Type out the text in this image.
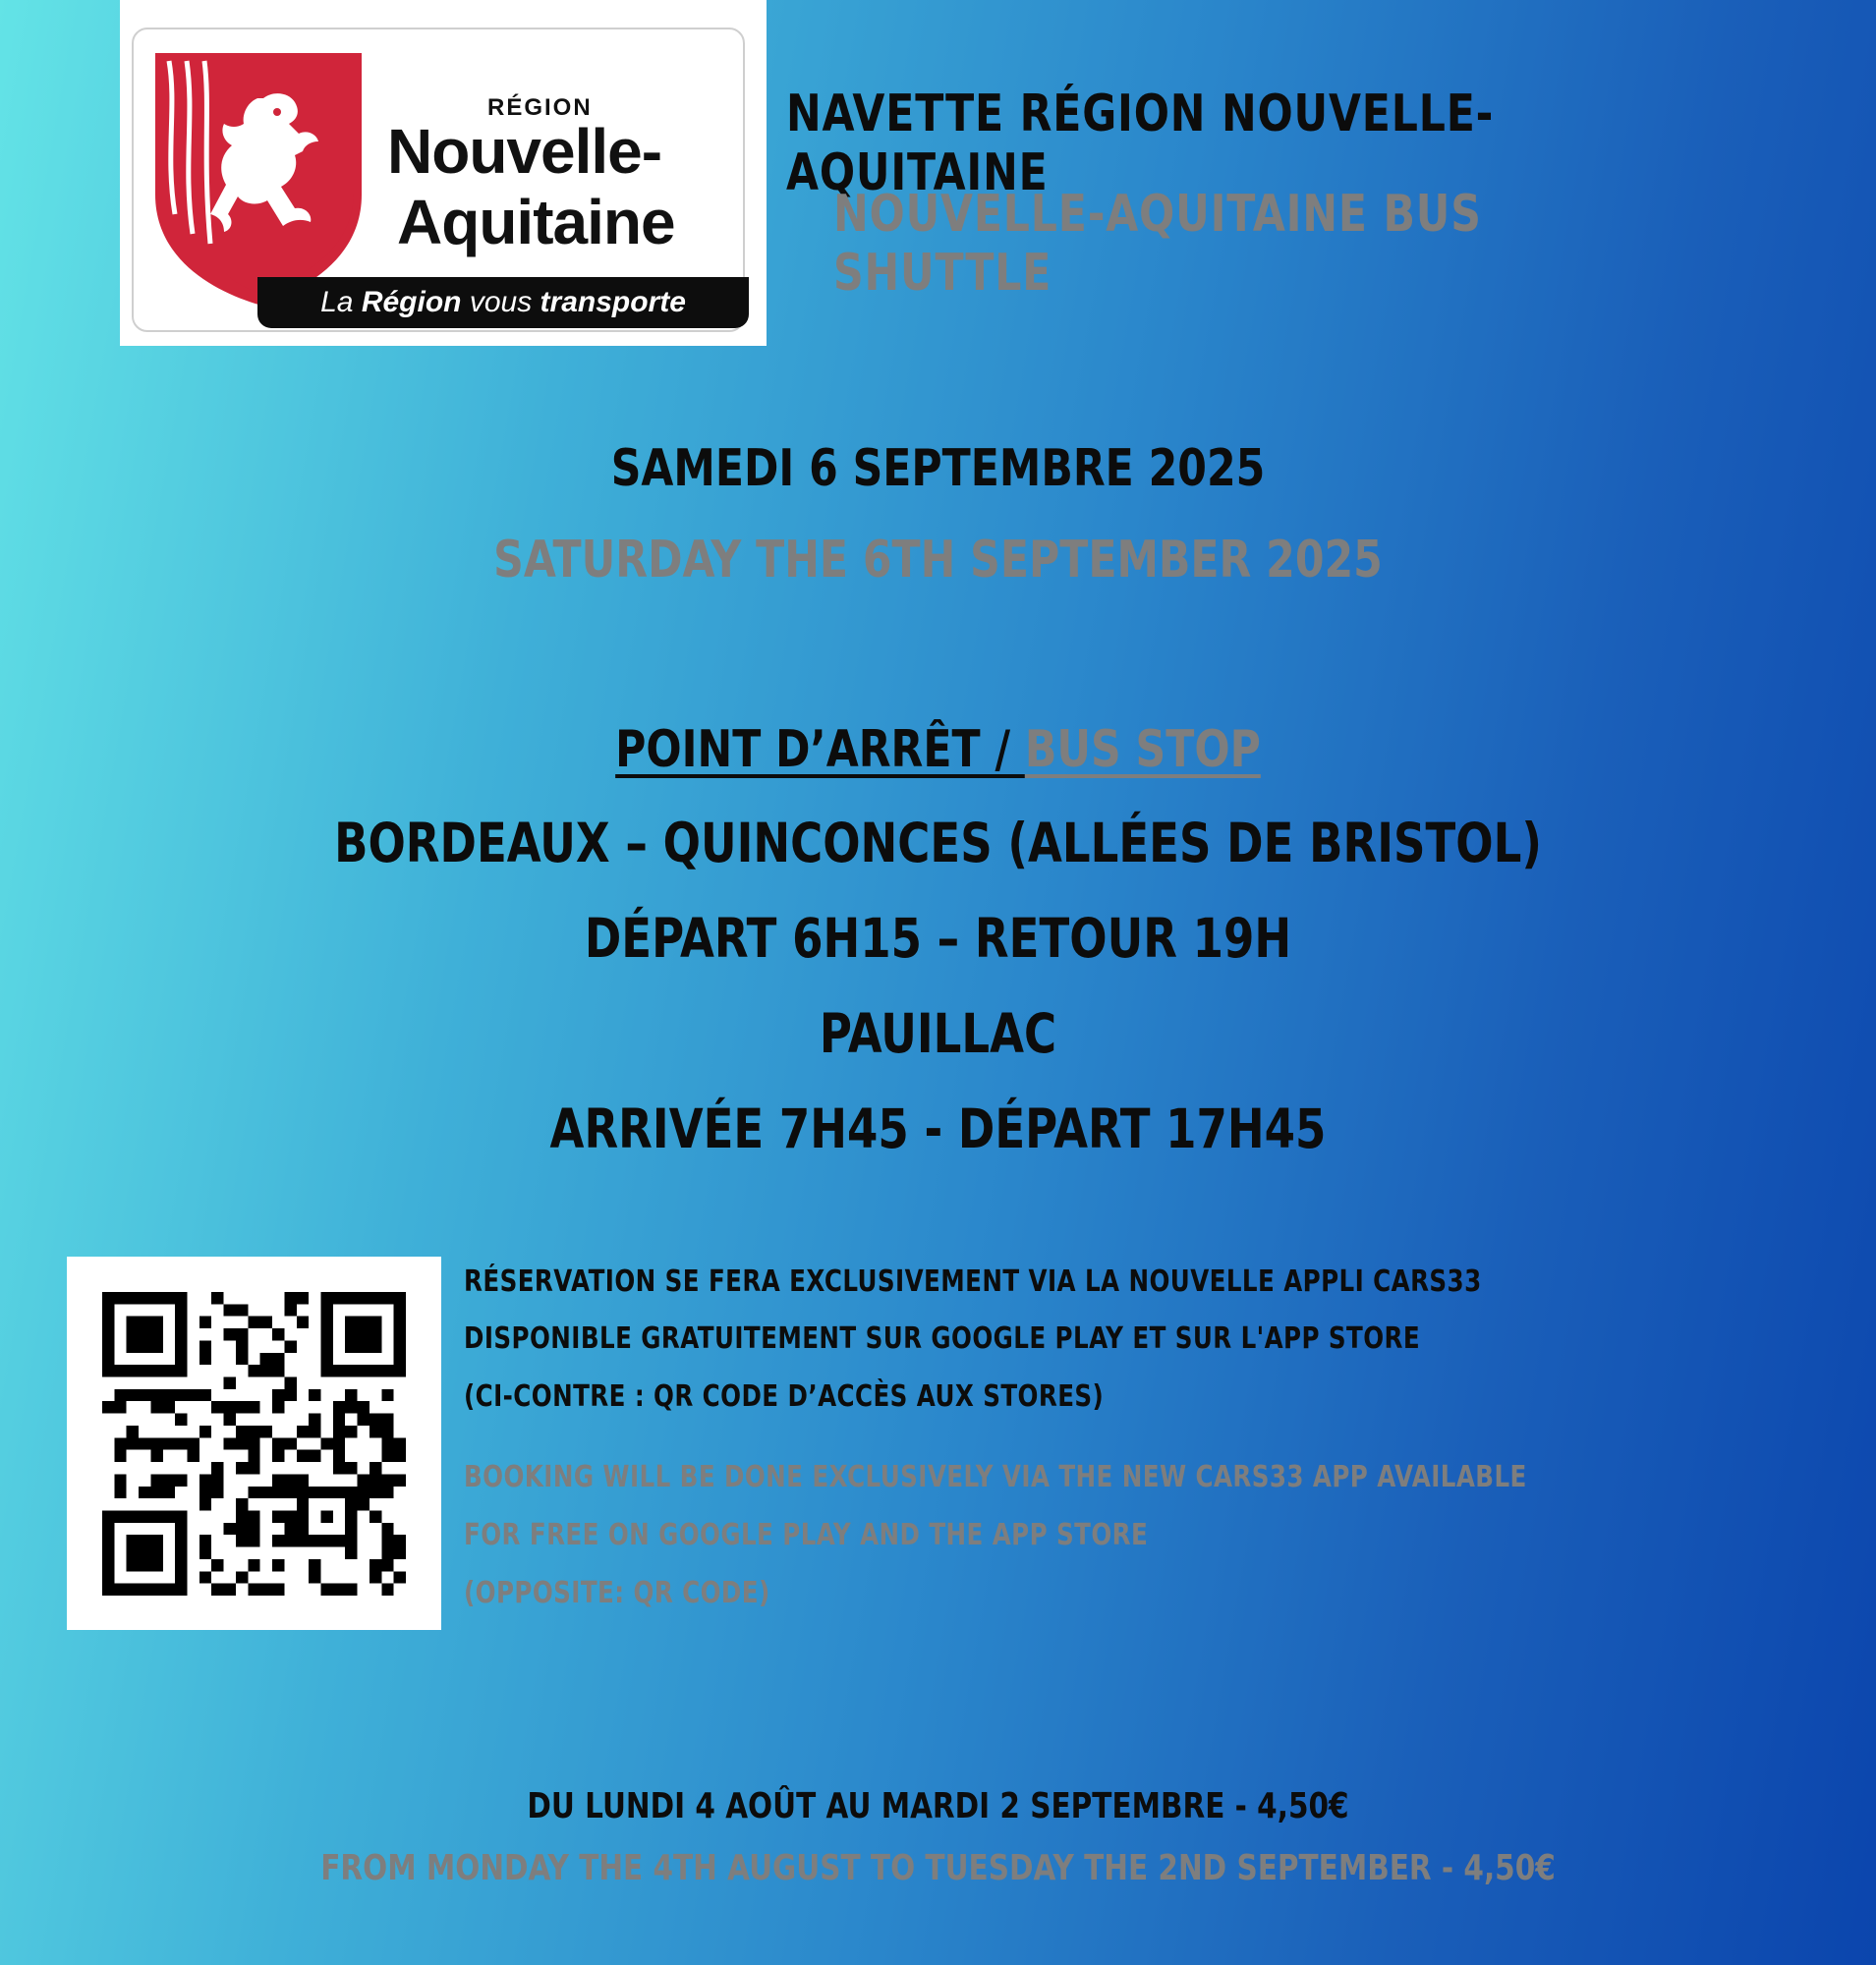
RÉGION
Nouvelle-
Aquitaine
La Région vous transporte
NAVETTE RÉGION NOUVELLE-AQUITAINE
NOUVELLE-AQUITAINE BUS SHUTTLE
SAMEDI 6 SEPTEMBRE 2025
SATURDAY THE 6TH SEPTEMBER 2025
POINT D’ARRÊT / BUS STOP
BORDEAUX – QUINCONCES (ALLÉES DE BRISTOL)
DÉPART 6H15 – RETOUR 19H
PAUILLAC
ARRIVÉE 7H45 - DÉPART 17H45
RÉSERVATION SE FERA EXCLUSIVEMENT VIA LA NOUVELLE APPLI CARS33
DISPONIBLE GRATUITEMENT SUR GOOGLE PLAY ET SUR L'APP STORE
(CI-CONTRE : QR CODE D’ACCÈS AUX STORES)
BOOKING WILL BE DONE EXCLUSIVELY VIA THE NEW CARS33 APP AVAILABLE
FOR FREE ON GOOGLE PLAY AND THE APP STORE
(OPPOSITE: QR CODE)
DU LUNDI 4 AOÛT AU MARDI 2 SEPTEMBRE - 4,50€
FROM MONDAY THE 4TH AUGUST TO TUESDAY THE 2ND SEPTEMBER - 4,50€
